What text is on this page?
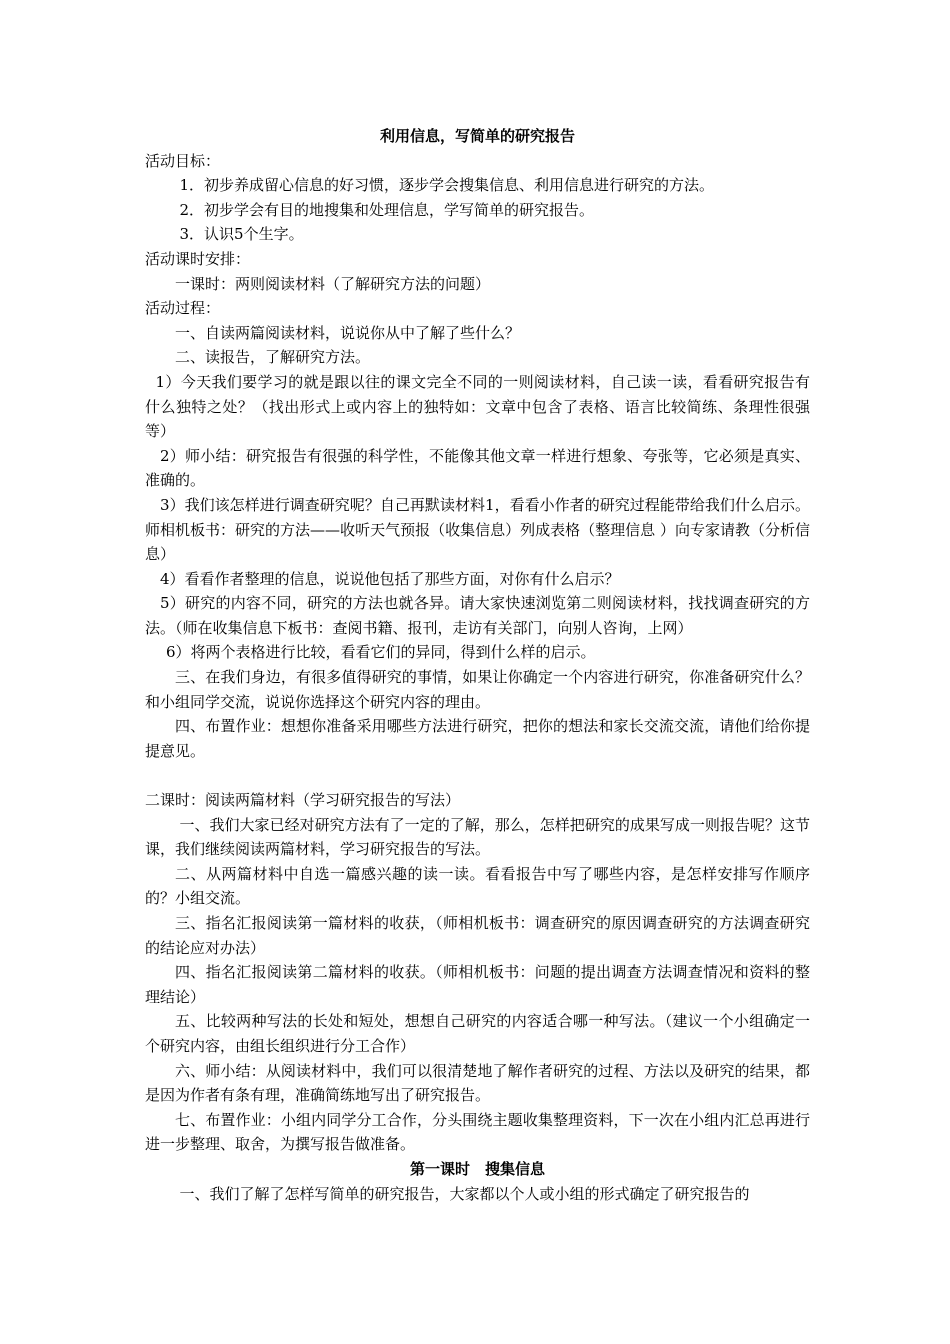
利用信息，写简单的研究报告

活动目标：

1．初步养成留心信息的好习惯，逐步学会搜集信息、利用信息进行研究的方法。

2．初步学会有目的地搜集和处理信息，学写简单的研究报告。

3．认识5个生字。

活动课时安排：

一课时：两则阅读材料（了解研究方法的问题）

活动过程：

一、自读两篇阅读材料，说说你从中了解了些什么？

二、读报告，了解研究方法。

1）今天我们要学习的就是跟以往的课文完全不同的一则阅读材料，自己读一读，看看研究报告有什么独特之处？（找出形式上或内容上的独特如：文章中包含了表格、语言比较简练、条理性很强等）

2）师小结：研究报告有很强的科学性，不能像其他文章一样进行想象、夸张等，它必须是真实、准确的。

3）我们该怎样进行调查研究呢？自己再默读材料1，看看小作者的研究过程能带给我们什么启示。师相机板书：研究的方法——收听天气预报（收集信息）列成表格（整理信息 ）向专家请教（分析信息）

4）看看作者整理的信息，说说他包括了那些方面，对你有什么启示？

5）研究的内容不同，研究的方法也就各异。请大家快速浏览第二则阅读材料，找找调查研究的方法。（师在收集信息下板书：查阅书籍、报刊，走访有关部门，向别人咨询，上网）

6）将两个表格进行比较，看看它们的异同，得到什么样的启示。

三、在我们身边，有很多值得研究的事情，如果让你确定一个内容进行研究，你准备研究什么？和小组同学交流，说说你选择这个研究内容的理由。

四、布置作业：想想你准备采用哪些方法进行研究，把你的想法和家长交流交流，请他们给你提提意见。

二课时：阅读两篇材料（学习研究报告的写法）

一、我们大家已经对研究方法有了一定的了解，那么，怎样把研究的成果写成一则报告呢？这节课，我们继续阅读两篇材料，学习研究报告的写法。

二、从两篇材料中自选一篇感兴趣的读一读。看看报告中写了哪些内容，是怎样安排写作顺序的？小组交流。

三、指名汇报阅读第一篇材料的收获，（师相机板书：调查研究的原因调查研究的方法调查研究的结论应对办法）

四、指名汇报阅读第二篇材料的收获。（师相机板书：问题的提出调查方法调查情况和资料的整理结论）

五、比较两种写法的长处和短处，想想自己研究的内容适合哪一种写法。（建议一个小组确定一个研究内容，由组长组织进行分工合作）

六、师小结：从阅读材料中，我们可以很清楚地了解作者研究的过程、方法以及研究的结果，都是因为作者有条有理，准确简练地写出了研究报告。

七、布置作业：小组内同学分工合作，分头围绕主题收集整理资料，下一次在小组内汇总再进行进一步整理、取舍，为撰写报告做准备。

第一课时　搜集信息

一、我们了解了怎样写简单的研究报告，大家都以个人或小组的形式确定了研究报告的
